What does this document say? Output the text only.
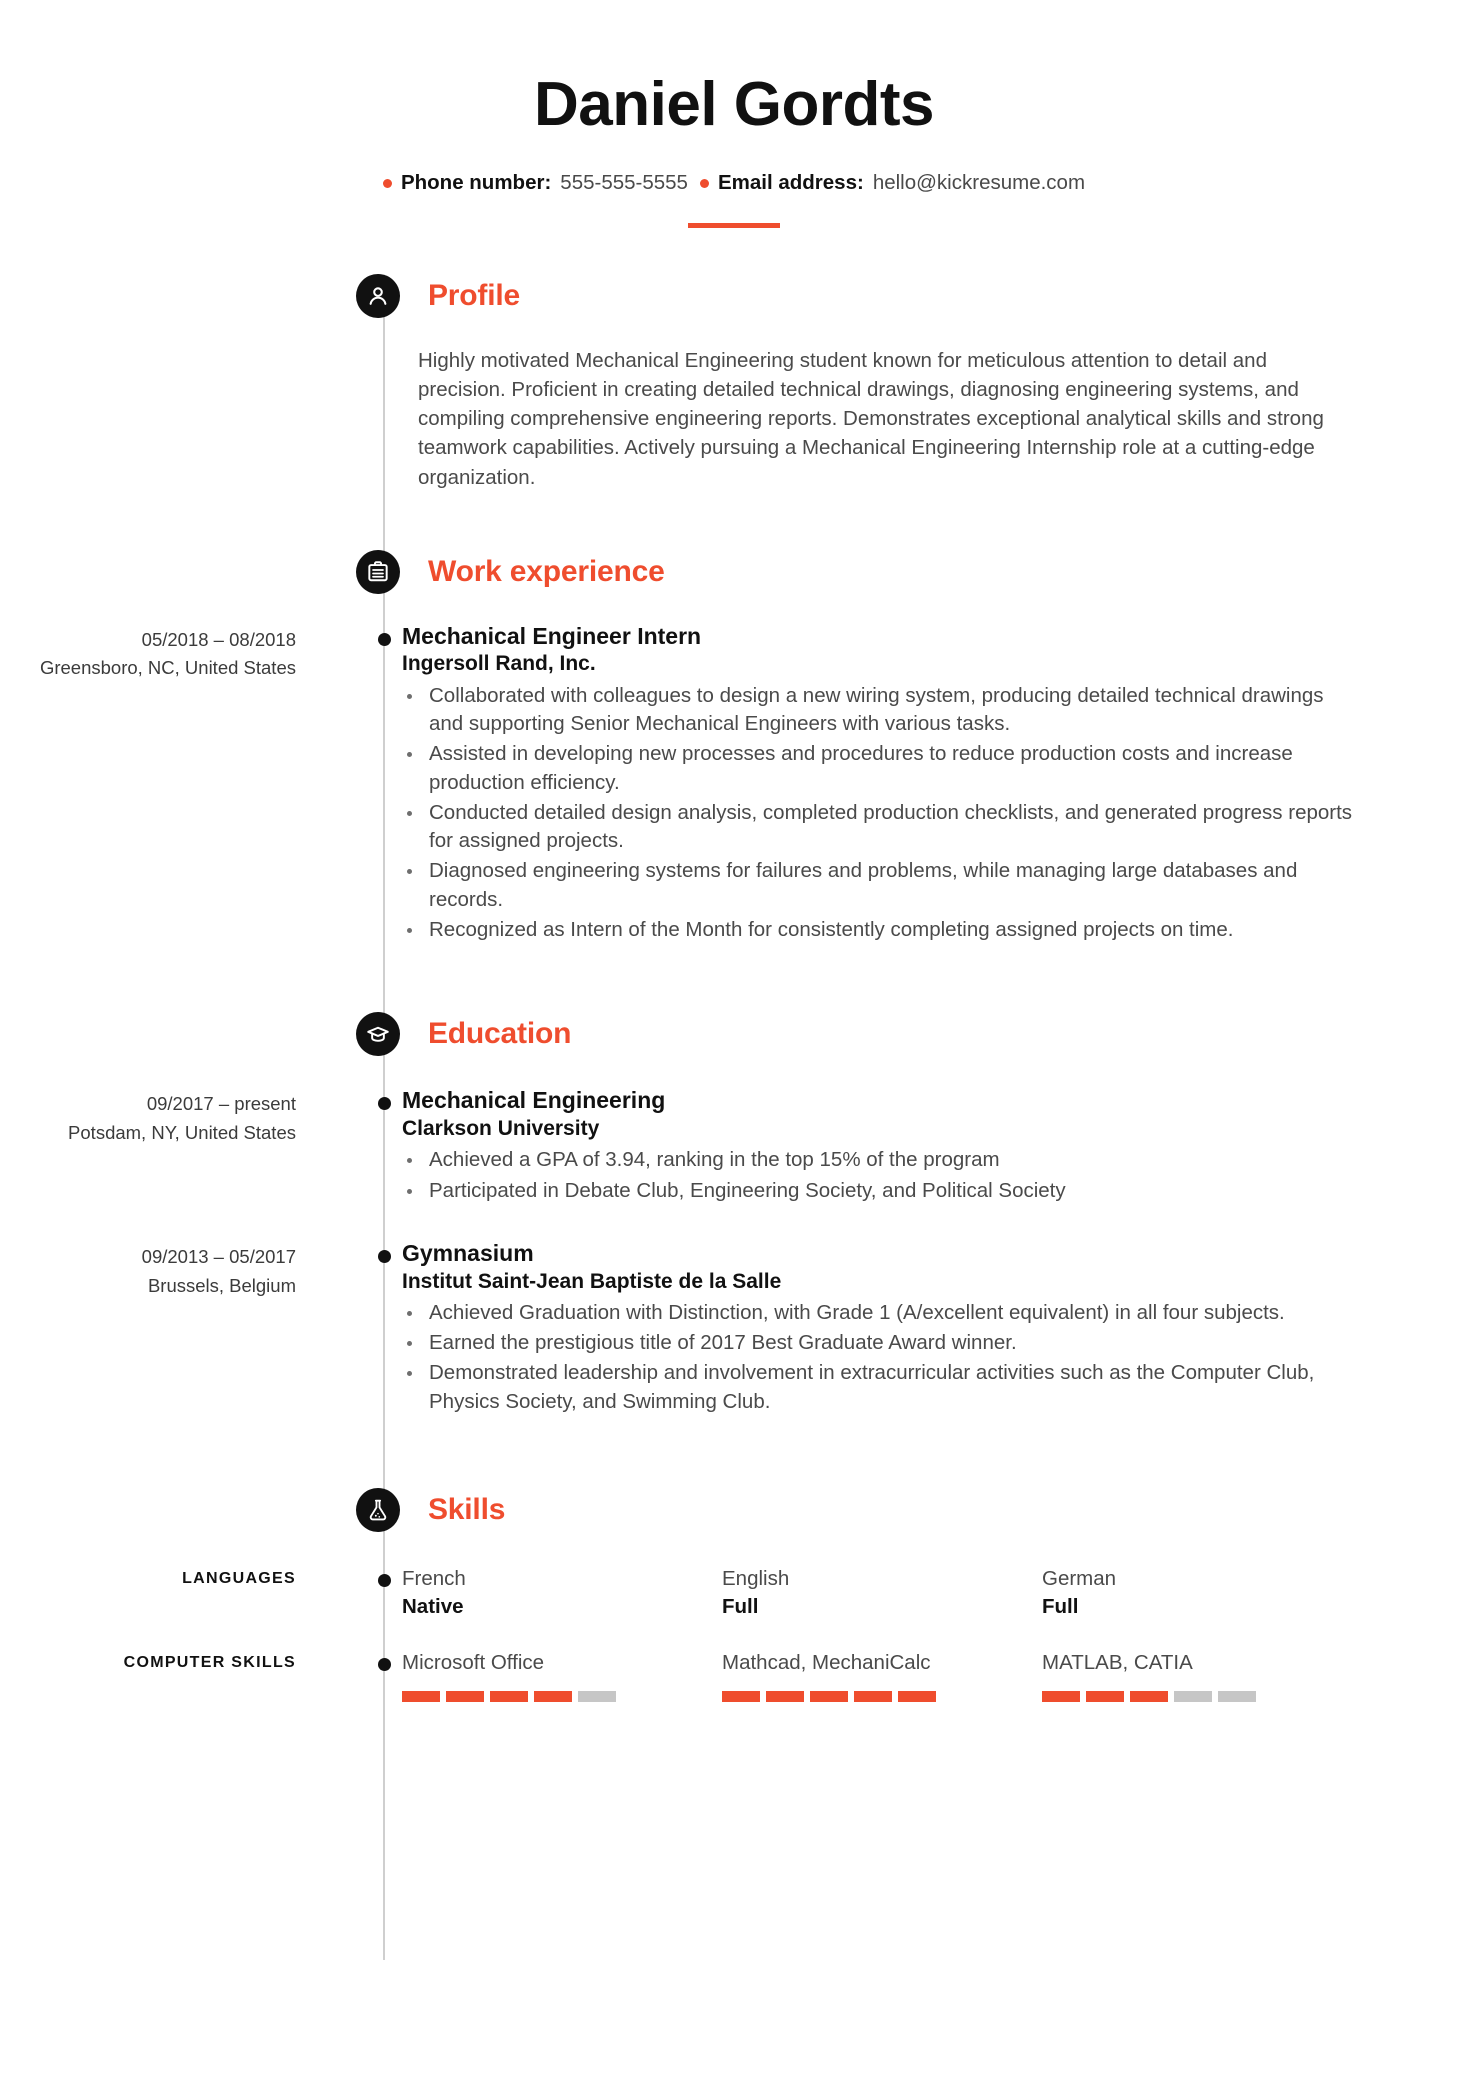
Daniel Gordts
Phone number: 555-555-5555 Email address: hello@kickresume.com
Profile
Highly motivated Mechanical Engineering student known for meticulous attention to detail and precision. Proficient in creating detailed technical drawings, diagnosing engineering systems, and compiling comprehensive engineering reports. Demonstrates exceptional analytical skills and strong teamwork capabilities. Actively pursuing a Mechanical Engineering Internship role at a cutting-edge organization.
Work experience
05/2018 – 08/2018
Greensboro, NC, United States
Mechanical Engineer Intern
Ingersoll Rand, Inc.
Collaborated with colleagues to design a new wiring system, producing detailed technical drawings and supporting Senior Mechanical Engineers with various tasks.
Assisted in developing new processes and procedures to reduce production costs and increase production efficiency.
Conducted detailed design analysis, completed production checklists, and generated progress reports for assigned projects.
Diagnosed engineering systems for failures and problems, while managing large databases and records.
Recognized as Intern of the Month for consistently completing assigned projects on time.
Education
09/2017 – present
Potsdam, NY, United States
Mechanical Engineering
Clarkson University
Achieved a GPA of 3.94, ranking in the top 15% of the program
Participated in Debate Club, Engineering Society, and Political Society
09/2013 – 05/2017
Brussels, Belgium
Gymnasium
Institut Saint-Jean Baptiste de la Salle
Achieved Graduation with Distinction, with Grade 1 (A/excellent equivalent) in all four subjects.
Earned the prestigious title of 2017 Best Graduate Award winner.
Demonstrated leadership and involvement in extracurricular activities such as the Computer Club, Physics Society, and Swimming Club.
Skills
LANGUAGES	French
Native
English
Full
German
Full
COMPUTER SKILLS	Microsoft Office	Mathcad, MechaniCalc	MATLAB, CATIA
